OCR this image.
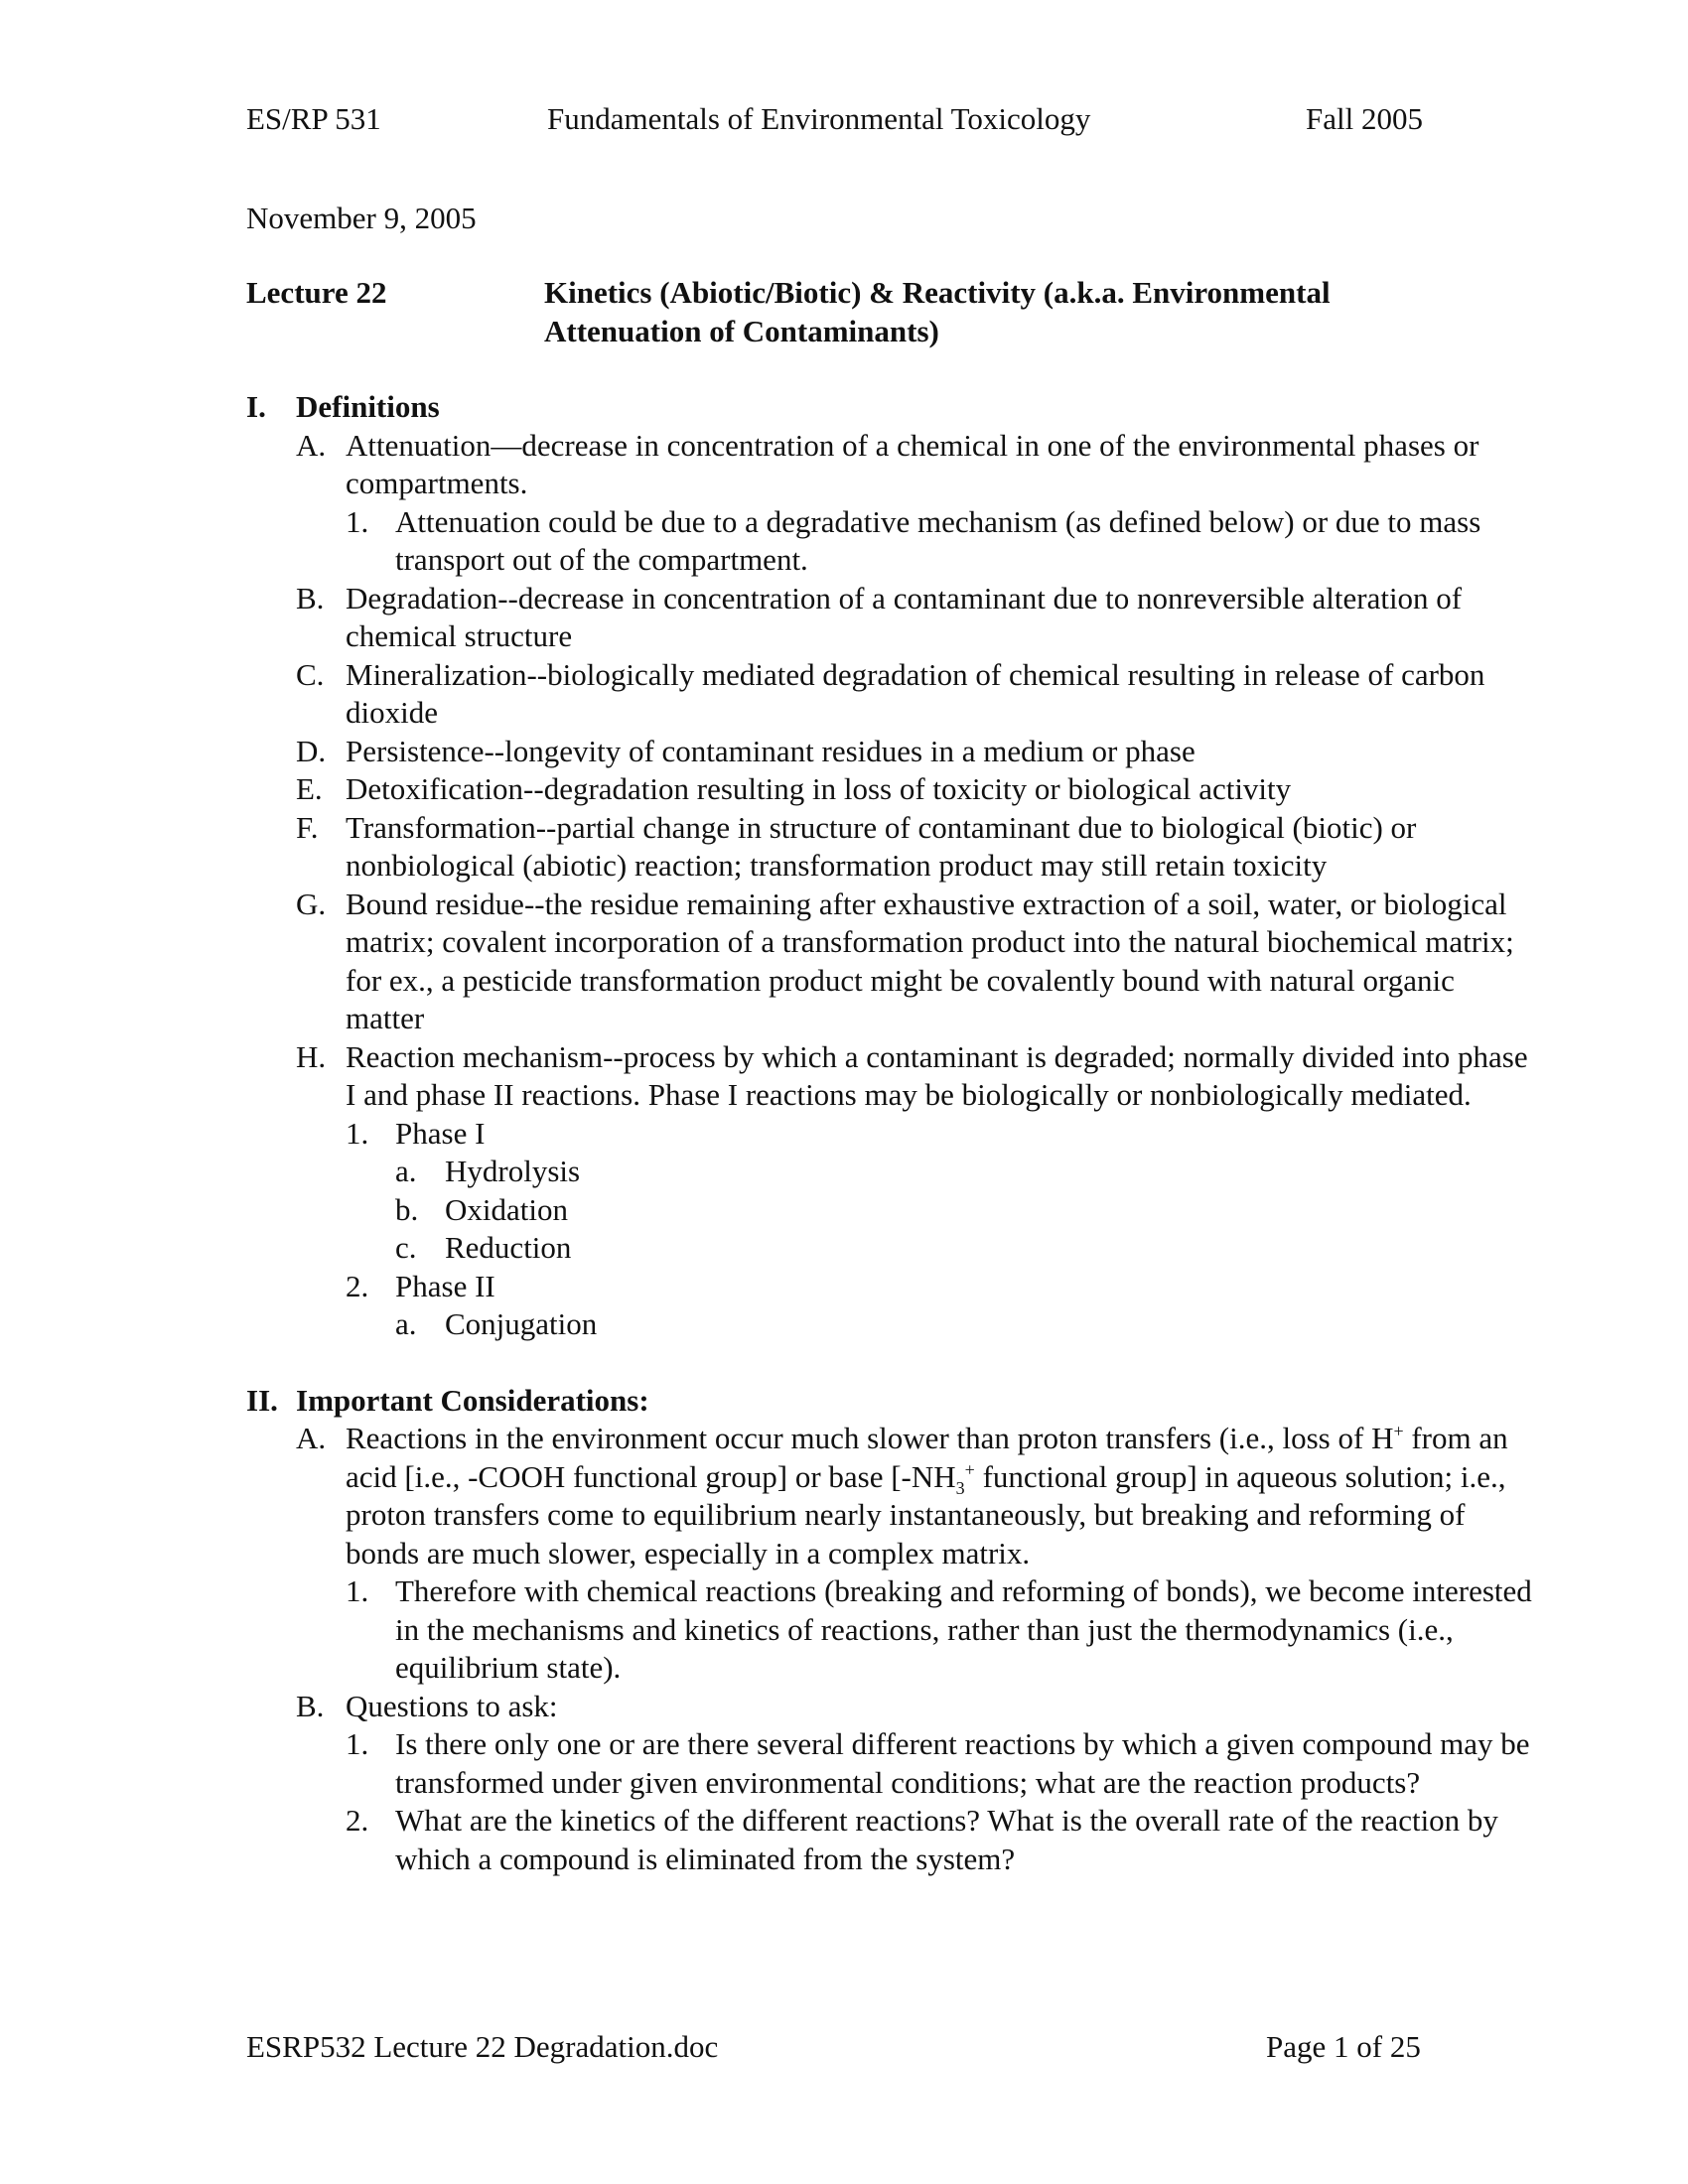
ES/RP 531	Fundamentals of Environmental Toxicology	Fall 2005
November 9, 2005
Lecture 22	Kinetics (Abiotic/Biotic) & Reactivity (a.k.a. Environmental Attenuation of Contaminants)
I. Definitions
A. Attenuation—decrease in concentration of a chemical in one of the environmental phases or compartments.
1. Attenuation could be due to a degradative mechanism (as defined below) or due to mass transport out of the compartment.
B. Degradation--decrease in concentration of a contaminant due to nonreversible alteration of chemical structure
C. Mineralization--biologically mediated degradation of chemical resulting in release of carbon dioxide
D. Persistence--longevity of contaminant residues in a medium or phase
E. Detoxification--degradation resulting in loss of toxicity or biological activity
F. Transformation--partial change in structure of contaminant due to biological (biotic) or nonbiological (abiotic) reaction; transformation product may still retain toxicity
G. Bound residue--the residue remaining after exhaustive extraction of a soil, water, or biological matrix; covalent incorporation of a transformation product into the natural biochemical matrix; for ex., a pesticide transformation product might be covalently bound with natural organic matter
H. Reaction mechanism--process by which a contaminant is degraded; normally divided into phase I and phase II reactions. Phase I reactions may be biologically or nonbiologically mediated.
1. Phase I
a. Hydrolysis
b. Oxidation
c. Reduction
2. Phase II
a. Conjugation
II. Important Considerations:
A. Reactions in the environment occur much slower than proton transfers (i.e., loss of H+ from an acid [i.e., -COOH functional group] or base [$-NH_3^+$ functional group] in aqueous solution; i.e., proton transfers come to equilibrium nearly instantaneously, but breaking and reforming of bonds are much slower, especially in a complex matrix.
1. Therefore with chemical reactions (breaking and reforming of bonds), we become interested in the mechanisms and kinetics of reactions, rather than just the thermodynamics (i.e., equilibrium state).
B. Questions to ask:
1. Is there only one or are there several different reactions by which a given compound may be transformed under given environmental conditions; what are the reaction products?
2. What are the kinetics of the different reactions? What is the overall rate of the reaction by which a compound is eliminated from the system?
ESRP532 Lecture 22 Degradation.doc	Page 1 of 25
